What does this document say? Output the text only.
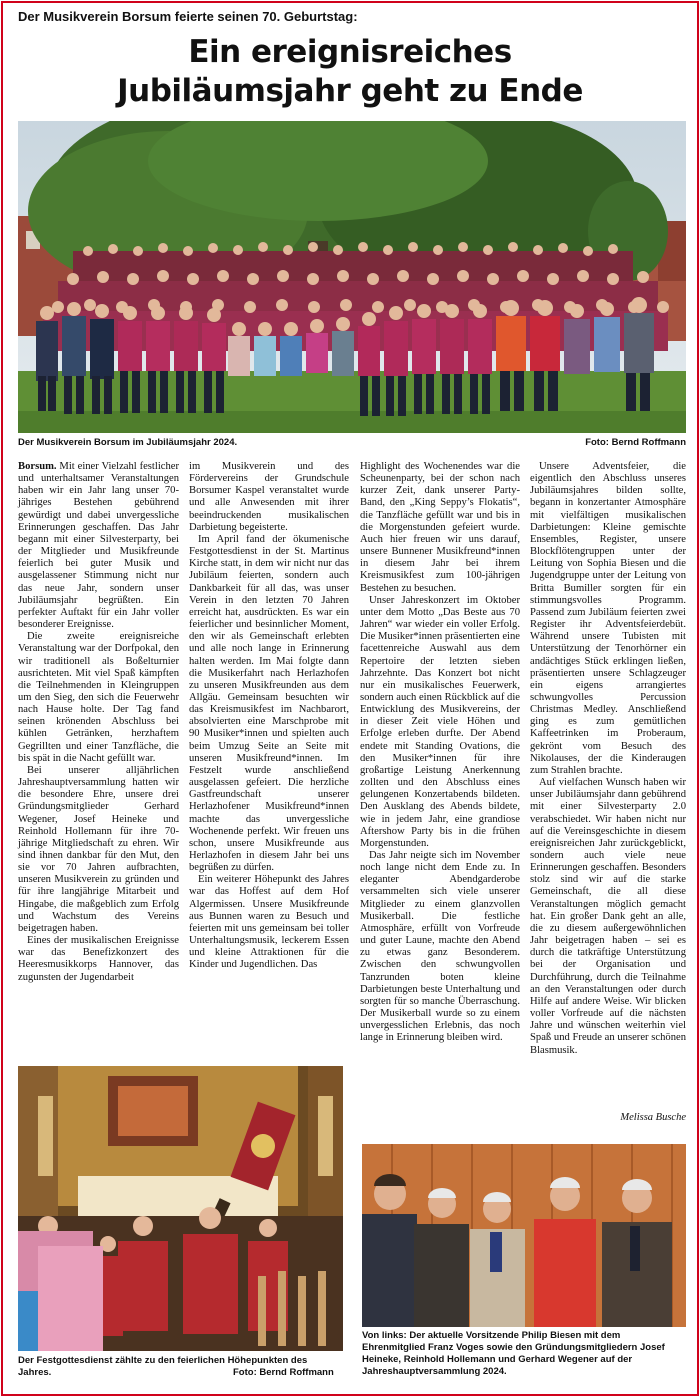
Der Musikverein Borsum feierte seinen 70. Geburtstag:
Ein ereignisreiches
Jubiläumsjahr geht zu Ende
Der Musikverein Borsum im Jubiläumsjahr 2024.	Foto: Bernd Roffmann

Borsum. Mit einer Vielzahl festlicher und unterhaltsamer Veranstaltungen haben wir ein Jahr lang unser 70-jähriges Bestehen gebührend gewürdigt und dabei unvergessliche Erinnerungen geschaffen. Das Jahr begann mit einer Silvesterparty, bei der Mitglieder und Musikfreunde feierlich bei guter Musik und ausgelassener Stimmung nicht nur das neue Jahr, sondern unser Jubiläumsjahr begrüßten. Ein perfekter Auftakt für ein Jahr voller besonderer Ereignisse.

Die zweite ereignisreiche Veranstaltung war der Dorfpokal, den wir traditionell als Boßelturnier ausrichteten. Mit viel Spaß kämpften die Teilnehmenden in Kleingruppen um den Sieg, den sich die Feuerwehr nach Hause holte. Der Tag fand seinen krönenden Abschluss bei kühlen Getränken, herzhaftem Gegrillten und einer Tanzfläche, die bis spät in die Nacht gefüllt war.

Bei unserer alljährlichen Jahreshauptversammlung hatten wir die besondere Ehre, unsere drei Gründungsmitglieder Gerhard Wegener, Josef Heineke und Reinhold Hollemann für ihre 70-jährige Mitgliedschaft zu ehren. Wir sind ihnen dankbar für den Mut, den sie vor 70 Jahren aufbrachten, unseren Musikverein zu gründen und für ihre langjährige Mitarbeit und Hingabe, die maßgeblich zum Erfolg und Wachstum des Vereins beigetragen haben.

Eines der musikalischen Ereignisse war das Benefizkonzert des Heeresmusikkorps Hannover, das zugunsten der Jugendarbeit

im Musikverein und des Fördervereins der Grundschule Borsumer Kaspel veranstaltet wurde und alle Anwesenden mit ihrer beeindruckenden musikalischen Darbietung begeisterte.

Im April fand der ökumenische Festgottesdienst in der St. Martinus Kirche statt, in dem wir nicht nur das Jubiläum feierten, sondern auch Dankbarkeit für all das, was unser Verein in den letzten 70 Jahren erreicht hat, ausdrückten. Es war ein feierlicher und besinnlicher Moment, den wir als Gemeinschaft erlebten und alle noch lange in Erinnerung halten werden. Im Mai folgte dann die Musikerfahrt nach Herlazhofen zu unseren Musikfreunden aus dem Allgäu. Gemeinsam besuchten wir das Kreismusikfest im Nachbarort, absolvierten eine Marschprobe mit 90 Musiker*innen und spielten auch beim Umzug Seite an Seite mit unseren Musikfreund*innen. Im Festzelt wurde anschließend ausgelassen gefeiert. Die herzliche Gastfreundschaft unserer Herlazhofener Musikfreund*innen machte das unvergessliche Wochenende perfekt. Wir freuen uns schon, unsere Musikfreunde aus Herlazhofen in diesem Jahr bei uns begrüßen zu dürfen.

Ein weiterer Höhepunkt des Jahres war das Hoffest auf dem Hof Algermissen. Unsere Musikfreunde aus Bunnen waren zu Besuch und feierten mit uns gemeinsam bei toller Unterhaltungsmusik, leckerem Essen und kleine Attraktionen für die Kinder und Jugendlichen. Das

Highlight des Wochenendes war die Scheunenparty, bei der schon nach kurzer Zeit, dank unserer Party-Band, den „King Seppy’s Flokatis“, die Tanzfläche gefüllt war und bis in die Morgenstunden gefeiert wurde. Auch hier freuen wir uns darauf, unsere Bunnener Musikfreund*innen in diesem Jahr bei ihrem Kreismusikfest zum 100-jährigen Bestehen zu besuchen.

Unser Jahreskonzert im Oktober unter dem Motto „Das Beste aus 70 Jahren“ war wieder ein voller Erfolg. Die Musiker*innen präsentierten eine facettenreiche Auswahl aus dem Repertoire der letzten sieben Jahrzehnte. Das Konzert bot nicht nur ein musikalisches Feuerwerk, sondern auch einen Rückblick auf die Entwicklung des Musikvereins, der in dieser Zeit viele Höhen und Erfolge erleben durfte. Der Abend endete mit Standing Ovations, die den Musiker*innen für ihre großartige Leistung Anerkennung zollten und den Abschluss eines gelungenen Konzertabends bildeten. Den Ausklang des Abends bildete, wie in jedem Jahr, eine grandiose Aftershow Party bis in die frühen Morgenstunden.

Das Jahr neigte sich im November noch lange nicht dem Ende zu. In eleganter Abendgarderobe versammelten sich viele unserer Mitglieder zu einem glanzvollen Musikerball. Die festliche Atmosphäre, erfüllt von Vorfreude und guter Laune, machte den Abend zu etwas ganz Besonderem. Zwischen den schwungvollen Tanzrunden boten kleine Darbietungen beste Unterhaltung und sorgten für so manche Überraschung. Der Musikerball wurde so zu einem unvergesslichen Erlebnis, das noch lange in Erinnerung bleiben wird.

Unsere Adventsfeier, die eigentlich den Abschluss unseres Jubiläumsjahres bilden sollte, begann in konzertanter Atmosphäre mit vielfältigen musikalischen Darbietungen: Kleine gemischte Ensembles, Register, unsere Blockflötengruppen unter der Leitung von Sophia Biesen und die Jugendgruppe unter der Leitung von Britta Bumiller sorgten für ein stimmungsvolles Programm. Passend zum Jubiläum feierten zwei Register ihr Adventsfeierdebüt. Während unsere Tubisten mit Unterstützung der Tenorhörner ein andächtiges Stück erklingen ließen, präsentierten unsere Schlagzeuger ein eigens arrangiertes schwungvolles Percussion Christmas Medley. Anschließend ging es zum gemütlichen Kaffeetrinken im Proberaum, gekrönt vom Besuch des Nikolauses, der die Kinderaugen zum Strahlen brachte.

Auf vielfachen Wunsch haben wir unser Jubiläumsjahr dann gebührend mit einer Silvesterparty 2.0 verabschiedet. Wir haben nicht nur auf die Vereinsgeschichte in diesem ereignisreichen Jahr zurückgeblickt, sondern auch viele neue Erinnerungen geschaffen. Besonders stolz sind wir auf die starke Gemeinschaft, die all diese Veranstaltungen möglich gemacht hat. Ein großer Dank geht an alle, die zu diesem außergewöhnlichen Jahr beigetragen haben – sei es durch die tatkräftige Unterstützung bei der Organisation und Durchführung, durch die Teilnahme an den Veranstaltungen oder durch Hilfe auf andere Weise. Wir blicken voller Vorfreude auf die nächsten Jahre und wünschen weiterhin viel Spaß und Freude an unserer schönen Blasmusik.

Melissa Busche
Der Festgottesdienst zählte zu den feierlichen Höhepunkten des Jahres.	Foto: Bernd Roffmann
Von links: Der aktuelle Vorsitzende Philip Biesen mit dem Ehrenmitglied Franz Voges sowie den Gründungsmitgliedern Josef Heineke, Reinhold Hollemann und Gerhard Wegener auf der Jahreshauptversammlung 2024.
